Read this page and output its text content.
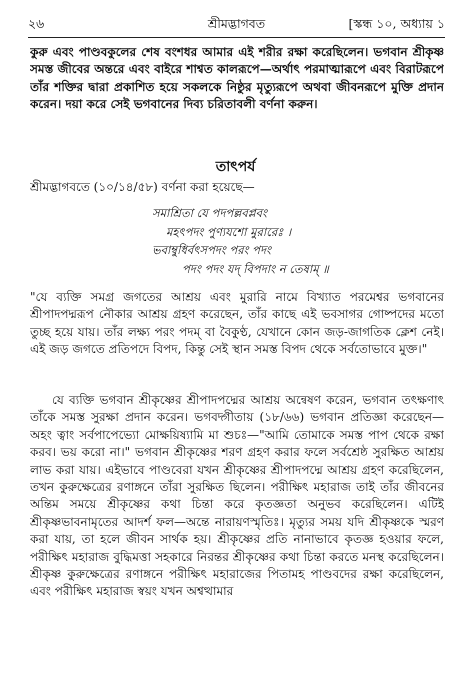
২৬	শ্রীমদ্ভাগবত	[স্কন্ধ ১০, অধ্যায় ১
কুরু এবং পাণ্ডবকুলের শেষ বংশধর আমার এই শরীর রক্ষা করেছিলেন। ভগবান শ্রীকৃষ্ণ সমস্ত জীবের অন্তরে এবং বাইরে শাশ্বত কালরূপে—অর্থাৎ পরমাত্মারূপে এবং বিরাটরূপে তাঁর শক্তির দ্বারা প্রকাশিত হয়ে সকলকে নিষ্ঠুর মৃত্যুরূপে অথবা জীবনরূপে মুক্তি প্রদান করেন। দয়া করে সেই ভগবানের দিব্য চরিতাবলী বর্ণনা করুন।
তাৎপর্য
শ্রীমদ্ভাগবতে (১০/১৪/৫৮) বর্ণনা করা হয়েছে—
সমাশ্রিতা যে পদপল্লবপ্লবং
মহৎপদং পুণ্যযশো মুরারেঃ ।
ভবাম্বুধির্বৎসপদং পরং পদং
পদং পদং যদ্ বিপদাং ন তেষাম্ ॥
"যে ব্যক্তি সমগ্র জগতের আশ্রয় এবং মুরারি নামে বিখ্যাত পরমেশ্বর ভগবানের শ্রীপাদপদ্মরূপ নৌকার আশ্রয় গ্রহণ করেছেন, তাঁর কাছে এই ভবসাগর গোষ্পদের মতো তুচ্ছ হয়ে যায়। তাঁর লক্ষ্য পরং পদম্ বা বৈকুণ্ঠ, যেখানে কোন জড়-জাগতিক ক্লেশ নেই। এই জড় জগতে প্রতিপদে বিপদ, কিন্তু সেই স্থান সমস্ত বিপদ থেকে সর্বতোভাবে মুক্ত।"
যে ব্যক্তি ভগবান শ্রীকৃষ্ণের শ্রীপাদপদ্মের আশ্রয় অন্বেষণ করেন, ভগবান তৎক্ষণাৎ তাঁকে সমস্ত সুরক্ষা প্রদান করেন। ভগবদ্গীতায় (১৮/৬৬) ভগবান প্রতিজ্ঞা করেছেন—অহং ত্বাং সর্বপাপেভ্যো মোক্ষয়িষ্যামি মা শুচঃ—"আমি তোমাকে সমস্ত পাপ থেকে রক্ষা করব। ভয় করো না।" ভগবান শ্রীকৃষ্ণের শরণ গ্রহণ করার ফলে সর্বশ্রেষ্ঠ সুরক্ষিত আশ্রয় লাভ করা যায়। এইভাবে পাণ্ডবেরা যখন শ্রীকৃষ্ণের শ্রীপাদপদ্মে আশ্রয় গ্রহণ করেছিলেন, তখন কুরুক্ষেত্রের রণাঙ্গনে তাঁরা সুরক্ষিত ছিলেন। পরীক্ষিৎ মহারাজ তাই তাঁর জীবনের অন্তিম সময়ে শ্রীকৃষ্ণের কথা চিন্তা করে কৃতজ্ঞতা অনুভব করেছিলেন। এটিই শ্রীকৃষ্ণভাবনামৃতের আদর্শ ফল—অন্তে নারায়ণস্মৃতিঃ। মৃত্যুর সময় যদি শ্রীকৃষ্ণকে স্মরণ করা যায়, তা হলে জীবন সার্থক হয়। শ্রীকৃষ্ণের প্রতি নানাভাবে কৃতজ্ঞ হওয়ার ফলে, পরীক্ষিৎ মহারাজ বুদ্ধিমত্তা সহকারে নিরন্তর শ্রীকৃষ্ণের কথা চিন্তা করতে মনস্থ করেছিলেন। শ্রীকৃষ্ণ কুরুক্ষেত্রের রণাঙ্গনে পরীক্ষিৎ মহারাজের পিতামহ পাণ্ডবদের রক্ষা করেছিলেন, এবং পরীক্ষিৎ মহারাজ স্বয়ং যখন অশ্বত্থামার
